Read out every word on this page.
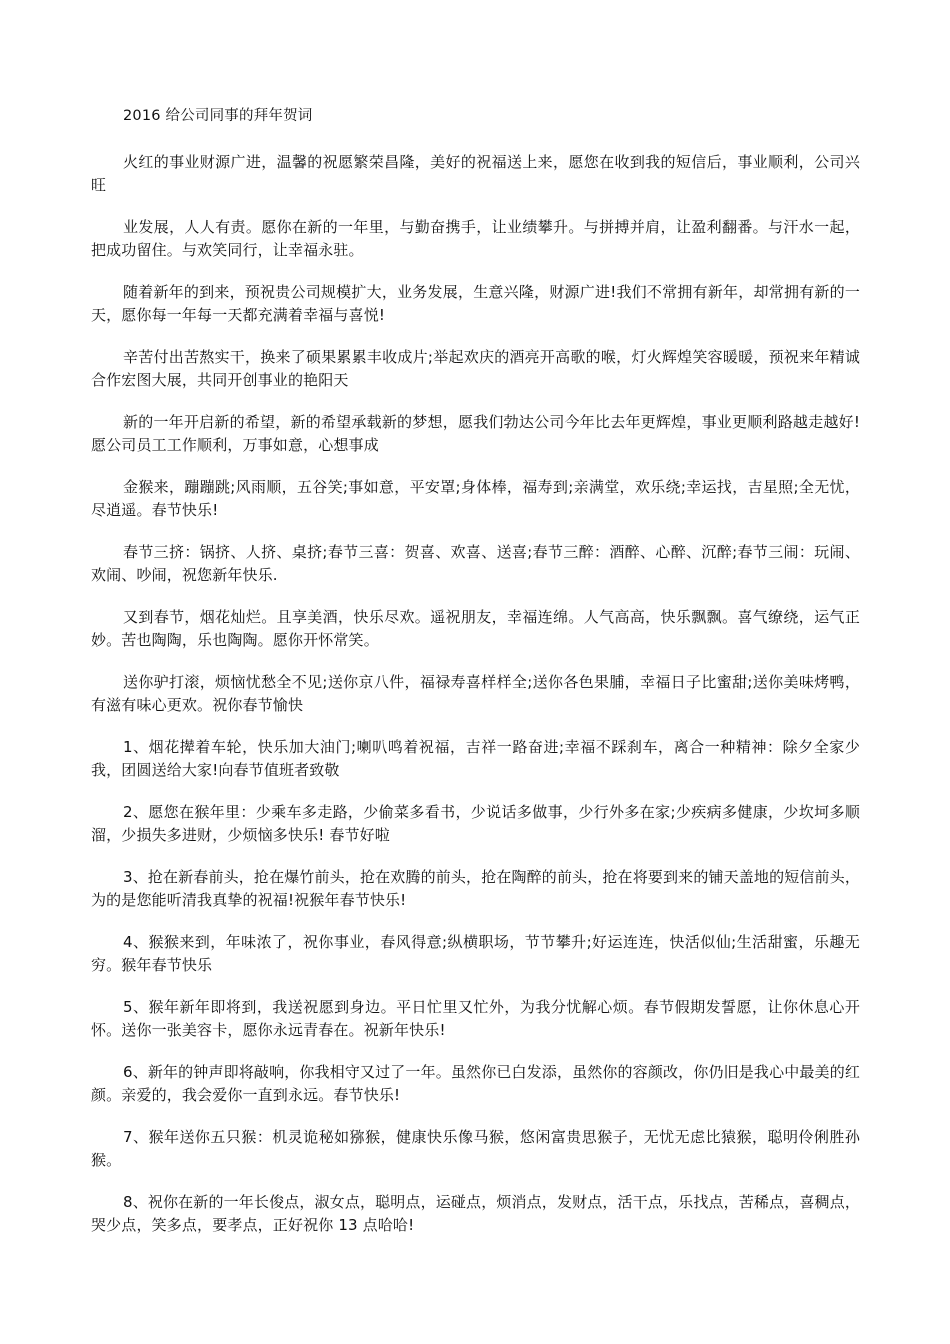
2016 给公司同事的拜年贺词

火红的事业财源广进，温馨的祝愿繁荣昌隆，美好的祝福送上来，愿您在收到我的短信后，事业顺利，公司兴旺

业发展，人人有责。愿你在新的一年里，与勤奋携手，让业绩攀升。与拼搏并肩，让盈利翻番。与汗水一起，把成功留住。与欢笑同行，让幸福永驻。

随着新年的到来，预祝贵公司规模扩大，业务发展，生意兴隆，财源广进!我们不常拥有新年，却常拥有新的一天，愿你每一年每一天都充满着幸福与喜悦!

辛苦付出苦熬实干，换来了硕果累累丰收成片;举起欢庆的酒亮开高歌的喉，灯火辉煌笑容暖暖，预祝来年精诚合作宏图大展，共同开创事业的艳阳天

新的一年开启新的希望，新的希望承载新的梦想，愿我们勃达公司今年比去年更辉煌，事业更顺利路越走越好!愿公司员工工作顺利，万事如意，心想事成

金猴来，蹦蹦跳;风雨顺，五谷笑;事如意，平安罩;身体棒，福寿到;亲满堂，欢乐绕;幸运找，吉星照;全无忧，尽逍遥。春节快乐!

春节三挤：锅挤、人挤、桌挤;春节三喜：贺喜、欢喜、送喜;春节三醉：酒醉、心醉、沉醉;春节三闹：玩闹、欢闹、吵闹，祝您新年快乐.

又到春节，烟花灿烂。且享美酒，快乐尽欢。遥祝朋友，幸福连绵。人气高高，快乐飘飘。喜气缭绕，运气正妙。苦也陶陶，乐也陶陶。愿你开怀常笑。

送你驴打滚，烦恼忧愁全不见;送你京八件，福禄寿喜样样全;送你各色果脯，幸福日子比蜜甜;送你美味烤鸭，有滋有味心更欢。祝你春节愉快

1、烟花撵着车轮，快乐加大油门;喇叭鸣着祝福，吉祥一路奋进;幸福不踩刹车，离合一种精神：除夕全家少我，团圆送给大家!向春节值班者致敬

2、愿您在猴年里：少乘车多走路，少偷菜多看书，少说话多做事，少行外多在家;少疾病多健康，少坎坷多顺溜，少损失多进财，少烦恼多快乐! 春节好啦

3、抢在新春前头，抢在爆竹前头，抢在欢腾的前头，抢在陶醉的前头，抢在将要到来的铺天盖地的短信前头，为的是您能听清我真挚的祝福!祝猴年春节快乐!

4、猴猴来到，年味浓了，祝你事业，春风得意;纵横职场，节节攀升;好运连连，快活似仙;生活甜蜜，乐趣无穷。猴年春节快乐

5、猴年新年即将到，我送祝愿到身边。平日忙里又忙外，为我分忧解心烦。春节假期发誓愿，让你休息心开怀。送你一张美容卡，愿你永远青春在。祝新年快乐!

6、新年的钟声即将敲响，你我相守又过了一年。虽然你已白发添，虽然你的容颜改，你仍旧是我心中最美的红颜。亲爱的，我会爱你一直到永远。春节快乐!

7、猴年送你五只猴：机灵诡秘如猕猴，健康快乐像马猴，悠闲富贵思猴子，无忧无虑比猿猴，聪明伶俐胜孙猴。

8、祝你在新的一年长俊点，淑女点，聪明点，运碰点，烦消点，发财点，活干点，乐找点，苦稀点，喜稠点，哭少点，笑多点，要孝点，正好祝你 13 点哈哈!
